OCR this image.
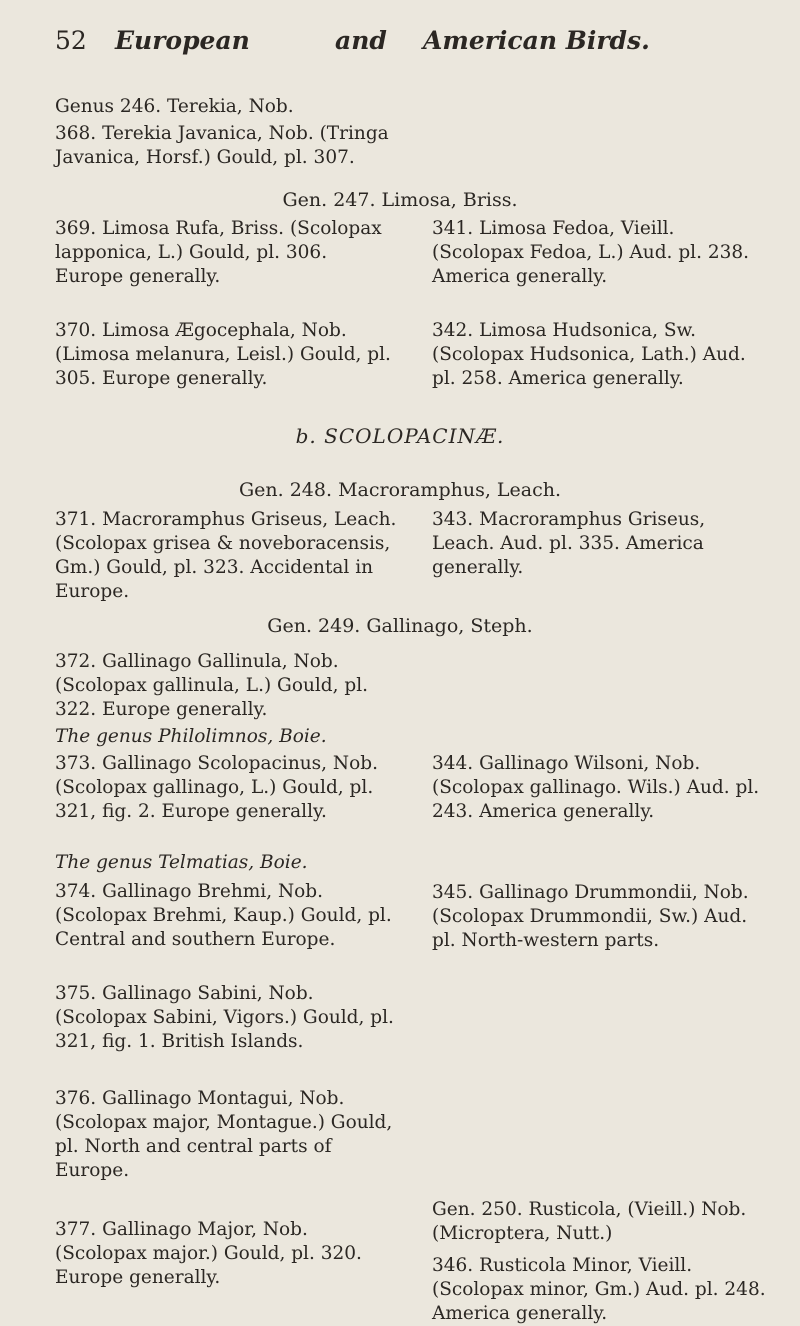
52 European	and American Birds.

Genus 246. Terekia, Nob.

368. Terekia Javanica, Nob. (Tringa Javanica, Horsf.) Gould, pl. 307.

Gen. 247. Limosa, Briss.

369. Limosa Rufa, Briss. (Scolopax lapponica, L.) Gould, pl. 306. Europe generally.

370. Limosa Ægocephala, Nob. (Limosa melanura, Leisl.) Gould, pl. 305. Europe generally.

341. Limosa Fedoa, Vieill. (Scolopax Fedoa, L.) Aud. pl. 238. America generally.

342. Limosa Hudsonica, Sw. (Scolopax Hudsonica, Lath.) Aud. pl. 258. America generally.

b. SCOLOPACINÆ.

Gen. 248. Macroramphus, Leach.

371. Macroramphus Griseus, Leach. (Scolopax grisea & noveboracensis, Gm.) Gould, pl. 323. Accidental in Europe.

343. Macroramphus Griseus, Leach. Aud. pl. 335. America generally.

Gen. 249. Gallinago, Steph.

372. Gallinago Gallinula, Nob. (Scolopax gallinula, L.) Gould, pl. 322. Europe generally.

The genus Philolimnos, Boie.

373. Gallinago Scolopacinus, Nob. (Scolopax gallinago, L.) Gould, pl. 321, fig. 2. Europe generally.

The genus Telmatias, Boie.

374. Gallinago Brehmi, Nob. (Scolopax Brehmi, Kaup.) Gould, pl. Central and southern Europe.

375. Gallinago Sabini, Nob. (Scolopax Sabini, Vigors.) Gould, pl. 321, fig. 1. British Islands.

376. Gallinago Montagui, Nob. (Scolopax major, Montague.) Gould, pl. North and central parts of Europe.

377. Gallinago Major, Nob. (Scolopax major.) Gould, pl. 320. Europe generally.

344. Gallinago Wilsoni, Nob. (Scolopax gallinago. Wils.) Aud. pl. 243. America generally.

345. Gallinago Drummondii, Nob. (Scolopax Drummondii, Sw.) Aud. pl. North-western parts.

Gen. 250. Rusticola, (Vieill.) Nob. (Microptera, Nutt.)

346. Rusticola Minor, Vieill. (Scolopax minor, Gm.) Aud. pl. 248. America generally.
